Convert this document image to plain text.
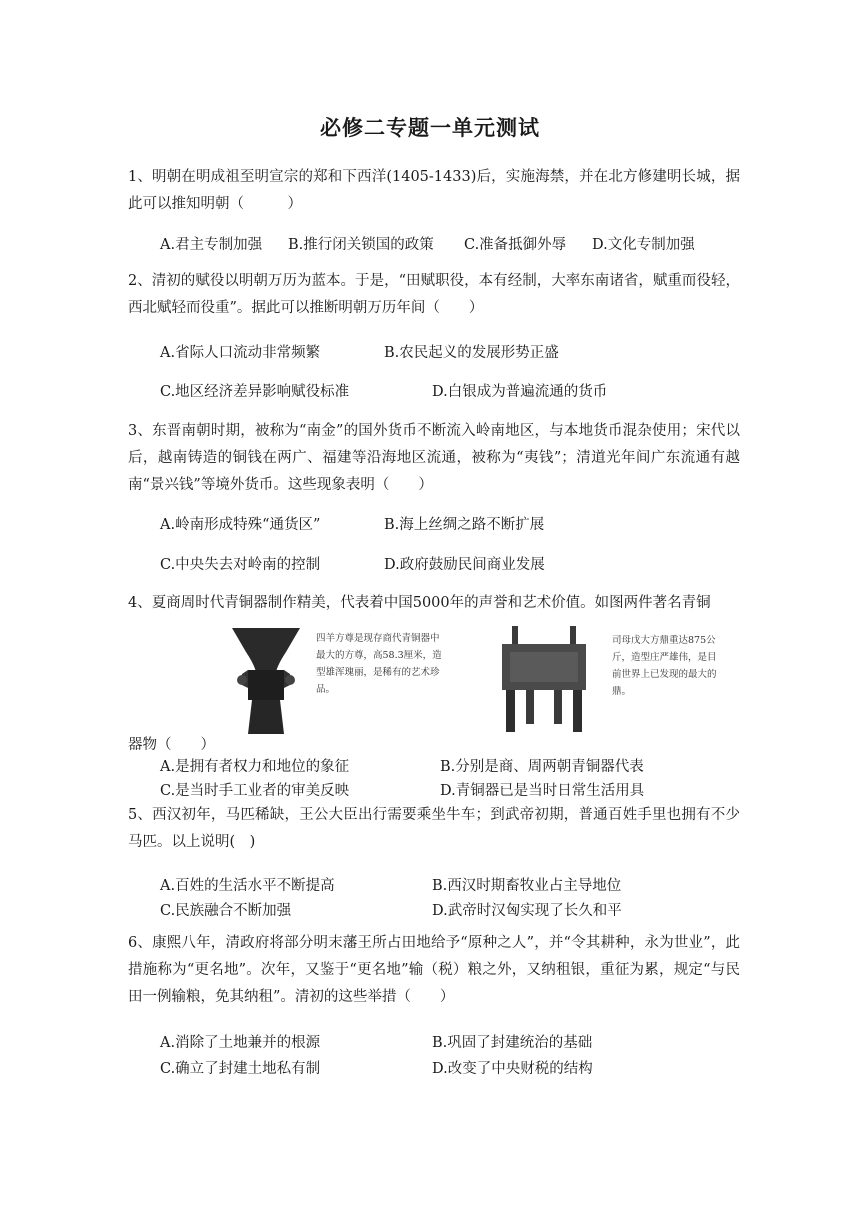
必修二专题一单元测试
1、明朝在明成祖至明宣宗的郑和下西洋(1405-1433)后，实施海禁，并在北方修建明长城，据此可以推知明朝（　　　）
A.君主专制加强 B.推行闭关锁国的政策 C.准备抵御外辱 D.文化专制加强
2、清初的赋役以明朝万历为蓝本。于是，“田赋职役，本有经制，大率东南诸省，赋重而役轻，西北赋轻而役重”。据此可以推断明朝万历年间（　　）
A.省际人口流动非常频繁	B.农民起义的发展形势正盛
C.地区经济差异影响赋役标准	D.白银成为普遍流通的货币
3、东晋南朝时期，被称为“南金”的国外货币不断流入岭南地区，与本地货币混杂使用；宋代以后，越南铸造的铜钱在两广、福建等沿海地区流通，被称为“夷钱”；清道光年间广东流通有越南“景兴钱”等境外货币。这些现象表明（　　）
A.岭南形成特殊“通货区”	B.海上丝绸之路不断扩展
C.中央失去对岭南的控制	D.政府鼓励民间商业发展
4、夏商周时代青铜器制作精美，代表着中国5000年的声誉和艺术价值。如图两件著名青铜
四羊方尊是现存商代青铜器中最大的方尊，高58.3厘米，造型雄浑瑰丽，是稀有的艺术珍品。
司母戊大方鼎重达875公斤，造型庄严雄伟，是目前世界上已发现的最大的鼎。
器物（　　）
A.是拥有者权力和地位的象征	B.分别是商、周两朝青铜器代表
C.是当时手工业者的审美反映	D.青铜器已是当时日常生活用具
5、西汉初年，马匹稀缺，王公大臣出行需要乘坐牛车；到武帝初期，普通百姓手里也拥有不少马匹。以上说明(　)
A.百姓的生活水平不断提高	B.西汉时期畜牧业占主导地位
C.民族融合不断加强	D.武帝时汉匈实现了长久和平
6、康熙八年，清政府将部分明末藩王所占田地给予“原种之人”，并“令其耕种，永为世业”，此措施称为“更名地”。次年，又鉴于“更名地”输（税）粮之外，又纳租银，重征为累，规定“与民田一例输粮，免其纳租”。清初的这些举措（　　）
A.消除了土地兼并的根源	B.巩固了封建统治的基础
C.确立了封建土地私有制	D.改变了中央财税的结构
